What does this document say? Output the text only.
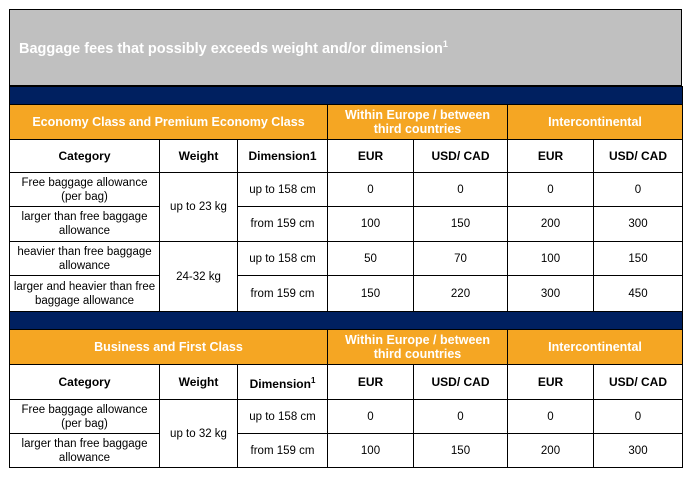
Baggage fees that possibly exceeds weight and/or dimension$^1$

Economy Class and Premium Economy Class			Within Europe / between third countries		Intercontinental	
Category	Weight	Dimension1	EUR	USD/ CAD	EUR	USD/ CAD
Free baggage allowance (per bag)	up to 23 kg	up to 158 cm	0	0	0	0
larger than free baggage allowance		from 159 cm	100	150	200	300
heavier than free baggage allowance	24-32 kg	up to 158 cm	50	70	100	150
larger and heavier than free baggage allowance		from 159 cm	150	220	300	450

Business and First Class			Within Europe / between third countries		Intercontinental	
Category	Weight	Dimension$^1$	EUR	USD/ CAD	EUR	USD/ CAD
Free baggage allowance (per bag)	up to 32 kg	up to 158 cm	0	0	0	0
larger than free baggage allowance		from 159 cm	100	150	200	300
